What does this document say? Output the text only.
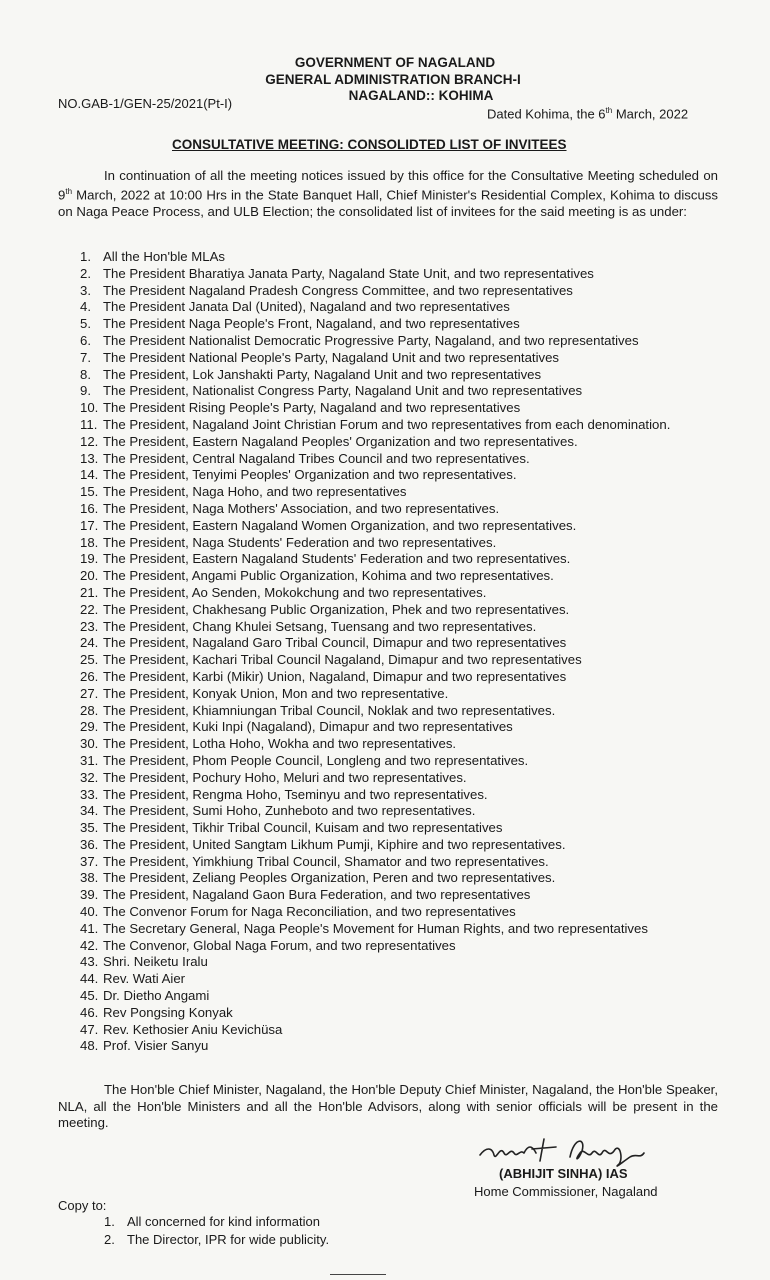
GOVERNMENT OF NAGALAND
GENERAL ADMINISTRATION BRANCH-I
NAGALAND:: KOHIMA
NO.GAB-1/GEN-25/2021(Pt-I)
Dated Kohima, the 6th March, 2022
CONSULTATIVE MEETING: CONSOLIDTED LIST OF INVITEES

In continuation of all the meeting notices issued by this office for the Consultative Meeting scheduled on 9th March, 2022 at 10:00 Hrs in the State Banquet Hall, Chief Minister's Residential Complex, Kohima to discuss on Naga Peace Process, and ULB Election; the consolidated list of invitees for the said meeting is as under:

1. All the Hon'ble MLAs
2. The President Bharatiya Janata Party, Nagaland State Unit, and two representatives
3. The President Nagaland Pradesh Congress Committee, and two representatives
4. The President Janata Dal (United), Nagaland and two representatives
5. The President Naga People's Front, Nagaland, and two representatives
6. The President Nationalist Democratic Progressive Party, Nagaland, and two representatives
7. The President National People's Party, Nagaland Unit and two representatives
8. The President, Lok Janshakti Party, Nagaland Unit and two representatives
9. The President, Nationalist Congress Party, Nagaland Unit and two representatives
10. The President Rising People's Party, Nagaland and two representatives
11. The President, Nagaland Joint Christian Forum and two representatives from each denomination.
12. The President, Eastern Nagaland Peoples' Organization and two representatives.
13. The President, Central Nagaland Tribes Council and two representatives.
14. The President, Tenyimi Peoples' Organization and two representatives.
15. The President, Naga Hoho, and two representatives
16. The President, Naga Mothers' Association, and two representatives.
17. The President, Eastern Nagaland Women Organization, and two representatives.
18. The President, Naga Students' Federation and two representatives.
19. The President, Eastern Nagaland Students' Federation and two representatives.
20. The President, Angami Public Organization, Kohima and two representatives.
21. The President, Ao Senden, Mokokchung and two representatives.
22. The President, Chakhesang Public Organization, Phek and two representatives.
23. The President, Chang Khulei Setsang, Tuensang and two representatives.
24. The President, Nagaland Garo Tribal Council, Dimapur and two representatives
25. The President, Kachari Tribal Council Nagaland, Dimapur and two representatives
26. The President, Karbi (Mikir) Union, Nagaland, Dimapur and two representatives
27. The President, Konyak Union, Mon and two representative.
28. The President, Khiamniungan Tribal Council, Noklak and two representatives.
29. The President, Kuki Inpi (Nagaland), Dimapur and two representatives
30. The President, Lotha Hoho, Wokha and two representatives.
31. The President, Phom People Council, Longleng and two representatives.
32. The President, Pochury Hoho, Meluri and two representatives.
33. The President, Rengma Hoho, Tseminyu and two representatives.
34. The President, Sumi Hoho, Zunheboto and two representatives.
35. The President, Tikhir Tribal Council, Kuisam and two representatives
36. The President, United Sangtam Likhum Pumji, Kiphire and two representatives.
37. The President, Yimkhiung Tribal Council, Shamator and two representatives.
38. The President, Zeliang Peoples Organization, Peren and two representatives.
39. The President, Nagaland Gaon Bura Federation, and two representatives
40. The Convenor Forum for Naga Reconciliation, and two representatives
41. The Secretary General, Naga People's Movement for Human Rights, and two representatives
42. The Convenor, Global Naga Forum, and two representatives
43. Shri. Neiketu Iralu
44. Rev. Wati Aier
45. Dr. Dietho Angami
46. Rev Pongsing Konyak
47. Rev. Kethosier Aniu Kevichüsa
48. Prof. Visier Sanyu

The Hon'ble Chief Minister, Nagaland, the Hon'ble Deputy Chief Minister, Nagaland, the Hon'ble Speaker, NLA, all the Hon'ble Ministers and all the Hon'ble Advisors, along with senior officials will be present in the meeting.

(ABHIJIT SINHA) IAS
Home Commissioner, Nagaland
Copy to:
1. All concerned for kind information
2. The Director, IPR for wide publicity.
